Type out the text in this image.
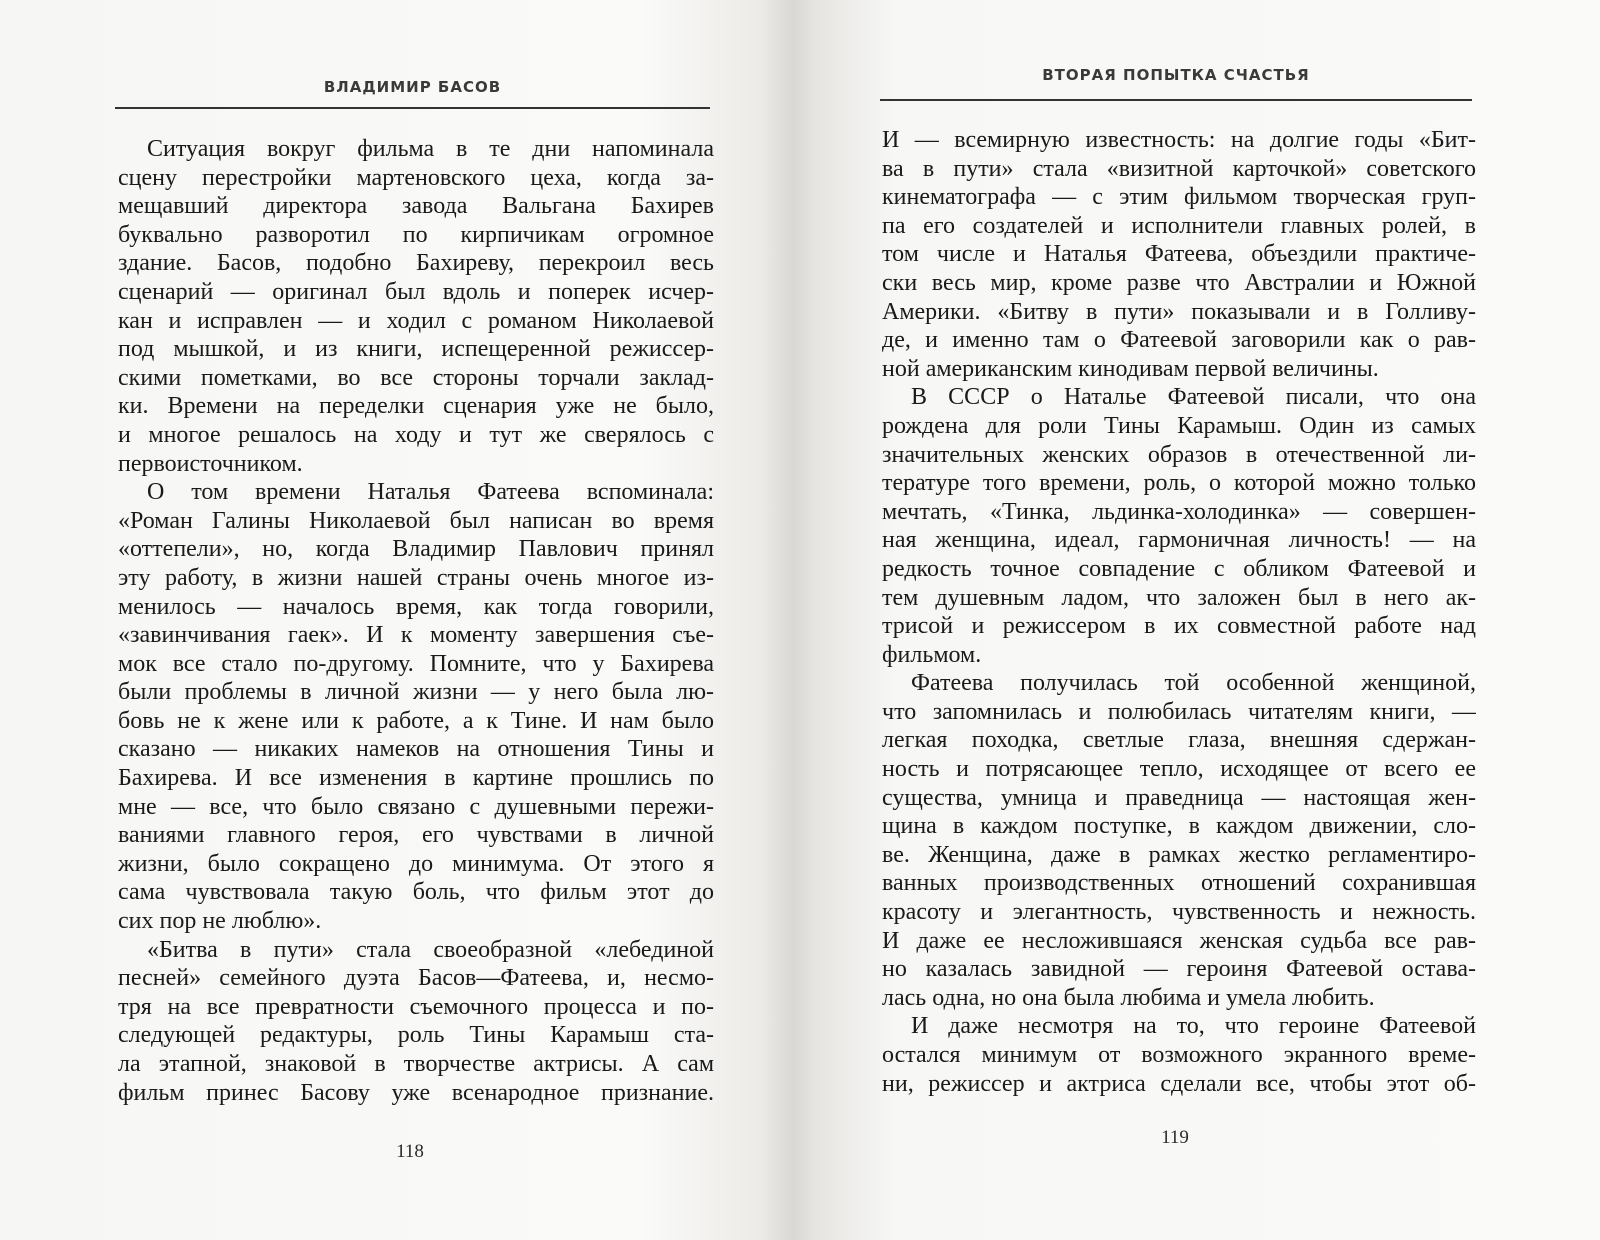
ВЛАДИМИР БАСОВ
Ситуация вокруг фильма в те дни напоминала
сцену перестройки мартеновского цеха, когда за-
мещавший директора завода Вальгана Бахирев
буквально разворотил по кирпичикам огромное
здание. Басов, подобно Бахиреву, перекроил весь
сценарий — оригинал был вдоль и поперек исчер-
кан и исправлен — и ходил с романом Николаевой
под мышкой, и из книги, испещеренной режиссер-
скими пометками, во все стороны торчали заклад-
ки. Времени на переделки сценария уже не было,
и многое решалось на ходу и тут же сверялось с
первоисточником.
О том времени Наталья Фатеева вспоминала:
«Роман Галины Николаевой был написан во время
«оттепели», но, когда Владимир Павлович принял
эту работу, в жизни нашей страны очень многое из-
менилось — началось время, как тогда говорили,
«завинчивания гаек». И к моменту завершения съе-
мок все стало по-другому. Помните, что у Бахирева
были проблемы в личной жизни — у него была лю-
бовь не к жене или к работе, а к Тине. И нам было
сказано — никаких намеков на отношения Тины и
Бахирева. И все изменения в картине прошлись по
мне — все, что было связано с душевными пережи-
ваниями главного героя, его чувствами в личной
жизни, было сокращено до минимума. От этого я
сама чувствовала такую боль, что фильм этот до
сих пор не люблю».
«Битва в пути» стала своеобразной «лебединой
песней» семейного дуэта Басов—Фатеева, и, несмо-
тря на все превратности съемочного процесса и по-
следующей редактуры, роль Тины Карамыш ста-
ла этапной, знаковой в творчестве актрисы. А сам
фильм принес Басову уже всенародное признание.
118
ВТОРАЯ ПОПЫТКА СЧАСТЬЯ
И — всемирную известность: на долгие годы «Бит-
ва в пути» стала «визитной карточкой» советского
кинематографа — с этим фильмом творческая груп-
па его создателей и исполнители главных ролей, в
том числе и Наталья Фатеева, объездили практиче-
ски весь мир, кроме разве что Австралии и Южной
Америки. «Битву в пути» показывали и в Голливу-
де, и именно там о Фатеевой заговорили как о рав-
ной американским кинодивам первой величины.
В СССР о Наталье Фатеевой писали, что она
рождена для роли Тины Карамыш. Один из самых
значительных женских образов в отечественной ли-
тературе того времени, роль, о которой можно только
мечтать, «Тинка, льдинка-холодинка» — совершен-
ная женщина, идеал, гармоничная личность! — на
редкость точное совпадение с обликом Фатеевой и
тем душевным ладом, что заложен был в него ак-
трисой и режиссером в их совместной работе над
фильмом.
Фатеева получилась той особенной женщиной,
что запомнилась и полюбилась читателям книги, —
легкая походка, светлые глаза, внешняя сдержан-
ность и потрясающее тепло, исходящее от всего ее
существа, умница и праведница — настоящая жен-
щина в каждом поступке, в каждом движении, сло-
ве. Женщина, даже в рамках жестко регламентиро-
ванных производственных отношений сохранившая
красоту и элегантность, чувственность и нежность.
И даже ее несложившаяся женская судьба все рав-
но казалась завидной — героиня Фатеевой остава-
лась одна, но она была любима и умела любить.
И даже несмотря на то, что героине Фатеевой
остался минимум от возможного экранного време-
ни, режиссер и актриса сделали все, чтобы этот об-
119
